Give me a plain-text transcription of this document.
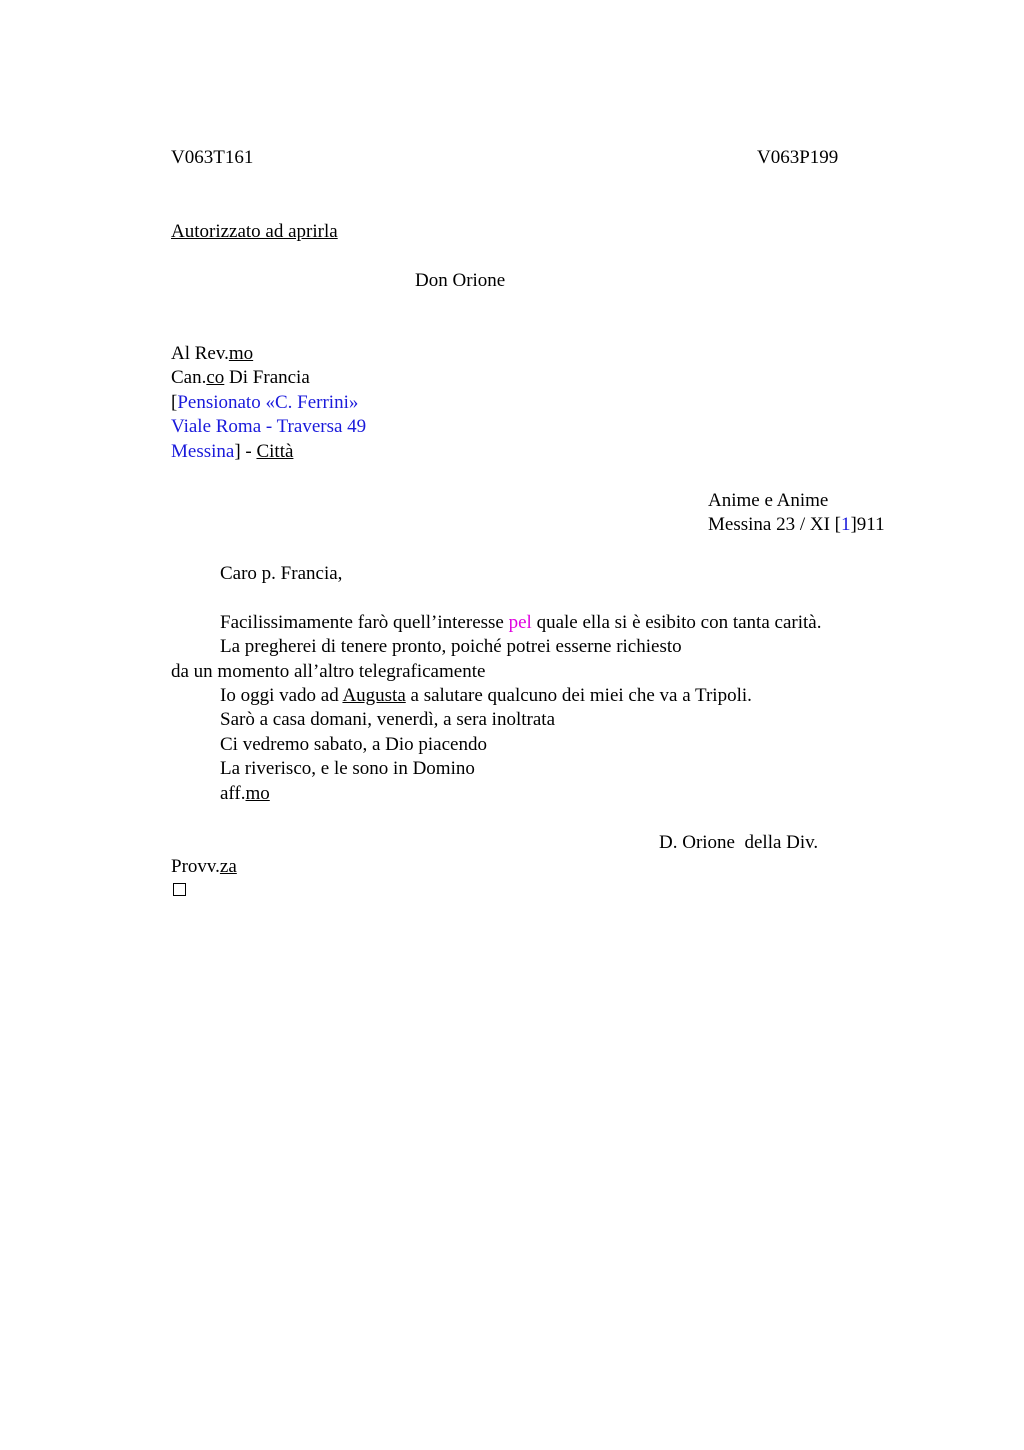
V063T161	V063P199
Autorizzato ad aprirla
Don Orione
Al Rev.mo
Can.co Di Francia
[Pensionato «C. Ferrini»
Viale Roma - Traversa 49
Messina] - Città
Anime e Anime
Messina 23 / XI [1]911
Caro p. Francia,
Facilissimamente farò quell’interesse pel quale ella si è esibito con tanta carità.
La pregherei di tenere pronto, poiché potrei esserne richiesto
da un momento all’altro telegraficamente
Io oggi vado ad Augusta a salutare qualcuno dei miei che va a Tripoli.
Sarò a casa domani, venerdì, a sera inoltrata
Ci vedremo sabato, a Dio piacendo
La riverisco, e le sono in Domino
aff.mo
D. Orione  della Div.
Provv.za
